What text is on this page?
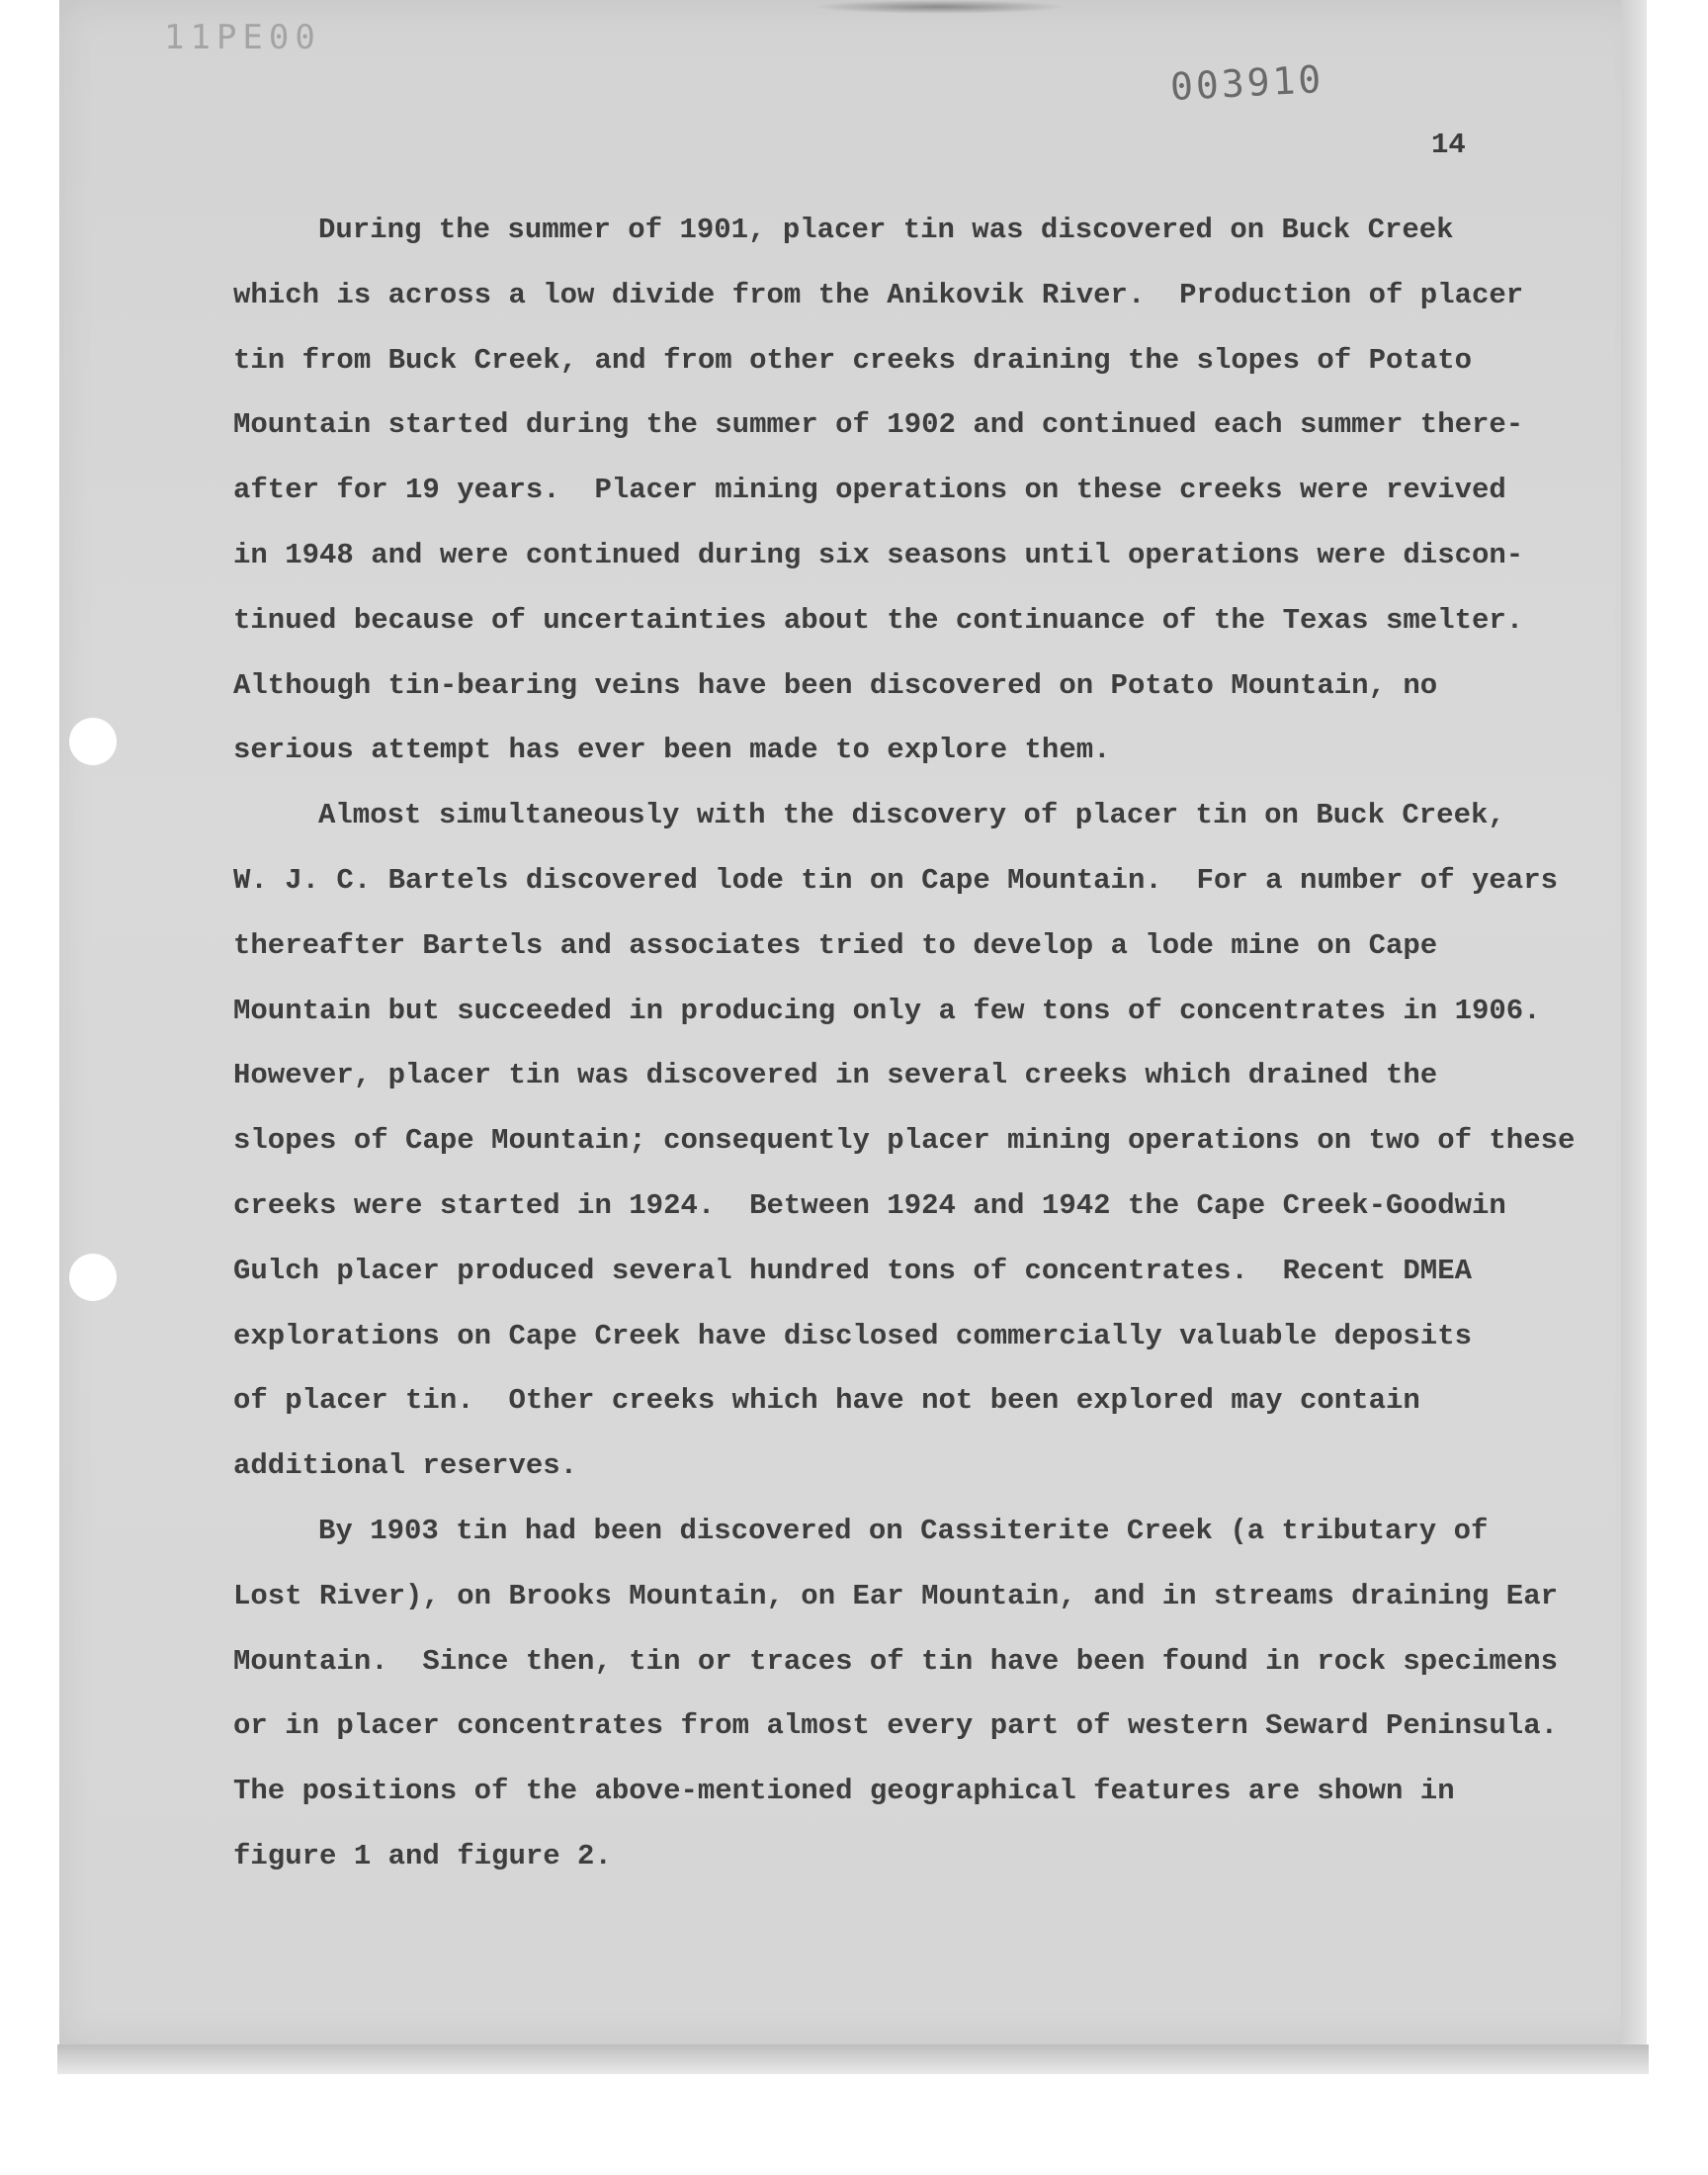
11PE00
003910
14
During the summer of 1901, placer tin was discovered on Buck Creek
which is across a low divide from the Anikovik River.  Production of placer
tin from Buck Creek, and from other creeks draining the slopes of Potato
Mountain started during the summer of 1902 and continued each summer there-
after for 19 years.  Placer mining operations on these creeks were revived
in 1948 and were continued during six seasons until operations were discon-
tinued because of uncertainties about the continuance of the Texas smelter.
Although tin-bearing veins have been discovered on Potato Mountain, no
serious attempt has ever been made to explore them.
Almost simultaneously with the discovery of placer tin on Buck Creek,
W. J. C. Bartels discovered lode tin on Cape Mountain.  For a number of years
thereafter Bartels and associates tried to develop a lode mine on Cape
Mountain but succeeded in producing only a few tons of concentrates in 1906.
However, placer tin was discovered in several creeks which drained the
slopes of Cape Mountain; consequently placer mining operations on two of these
creeks were started in 1924.  Between 1924 and 1942 the Cape Creek-Goodwin
Gulch placer produced several hundred tons of concentrates.  Recent DMEA
explorations on Cape Creek have disclosed commercially valuable deposits
of placer tin.  Other creeks which have not been explored may contain
additional reserves.
By 1903 tin had been discovered on Cassiterite Creek (a tributary of
Lost River), on Brooks Mountain, on Ear Mountain, and in streams draining Ear
Mountain.  Since then, tin or traces of tin have been found in rock specimens
or in placer concentrates from almost every part of western Seward Peninsula.
The positions of the above-mentioned geographical features are shown in
figure 1 and figure 2.
